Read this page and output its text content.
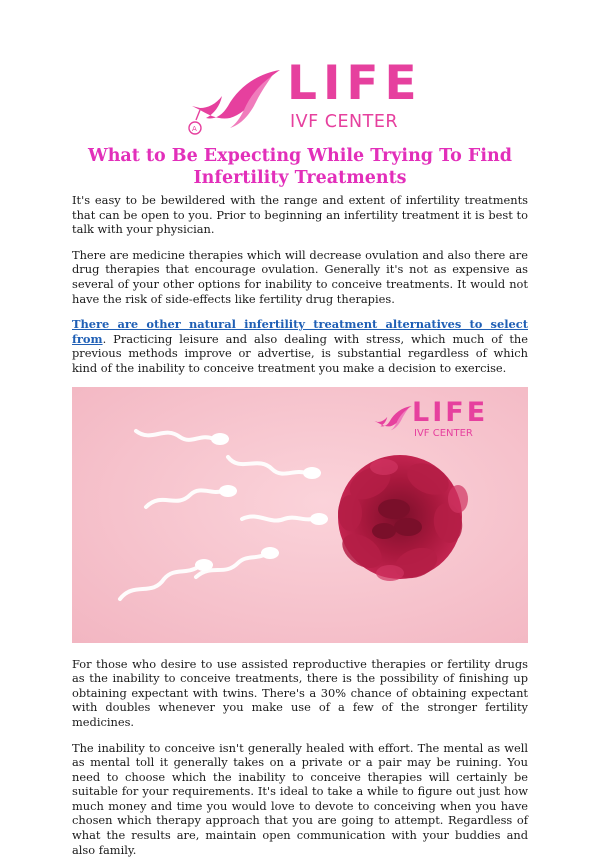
A
LIFE
IVF CENTER
What to Be Expecting While Trying To Find Infertility Treatments

It's easy to be bewildered with the range and extent of infertility treatments that can be open to you. Prior to beginning an infertility treatment it is best to talk with your physician.

There are medicine therapies which will decrease ovulation and also there are drug therapies that encourage ovulation. Generally it's not as expensive as several of your other options for inability to conceive treatments. It would not have the risk of side-effects like fertility drug therapies.

There are other natural infertility treatment alternatives to select from. Practicing leisure and also dealing with stress, which much of the previous methods improve or advertise, is substantial regardless of which kind of the inability to conceive treatment you make a decision to exercise.

LIFE
IVF CENTER

For those who desire to use assisted reproductive therapies or fertility drugs as the inability to conceive treatments, there is the possibility of finishing up obtaining expectant with twins. There's a 30% chance of obtaining expectant with doubles whenever you make use of a few of the stronger fertility medicines.

The inability to conceive isn't generally healed with effort. The mental as well as mental toll it generally takes on a private or a pair may be ruining. You need to choose which the inability to conceive therapies will certainly be suitable for your requirements. It's ideal to take a while to figure out just how much money and time you would love to devote to conceiving when you have chosen which therapy approach that you are going to attempt. Regardless of what the results are, maintain open communication with your buddies and also family.
